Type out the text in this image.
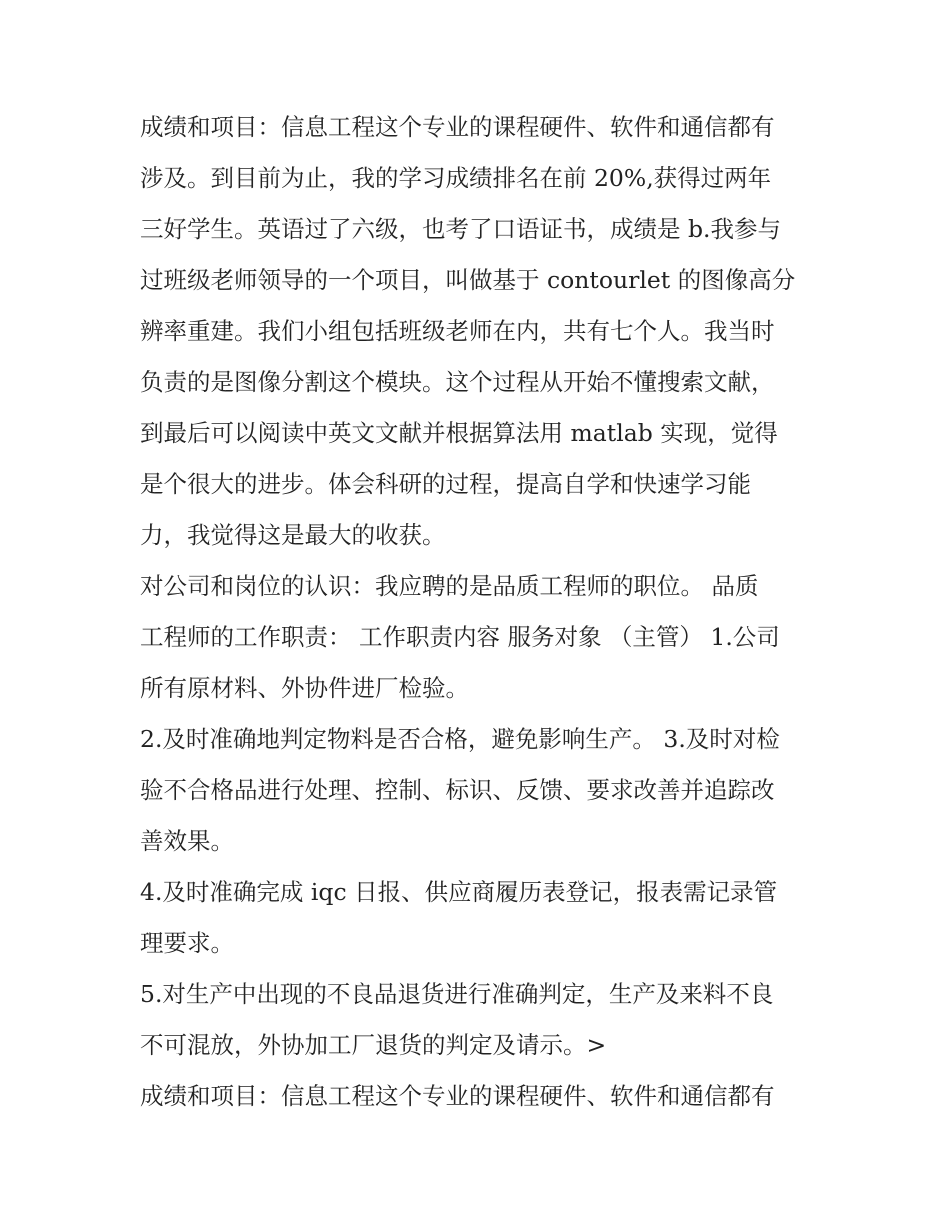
成绩和项目：信息工程这个专业的课程硬件、软件和通信都有
涉及。到目前为止，我的学习成绩排名在前 20%,获得过两年
三好学生。英语过了六级，也考了口语证书，成绩是 b.我参与
过班级老师领导的一个项目，叫做基于 contourlet 的图像高分
辨率重建。我们小组包括班级老师在内，共有七个人。我当时
负责的是图像分割这个模块。这个过程从开始不懂搜索文献，
到最后可以阅读中英文文献并根据算法用 matlab 实现，觉得
是个很大的进步。体会科研的过程，提高自学和快速学习能
力，我觉得这是最大的收获。
对公司和岗位的认识：我应聘的是品质工程师的职位。 品质
工程师的工作职责： 工作职责内容 服务对象 （主管） 1.公司
所有原材料、外协件进厂检验。
2.及时准确地判定物料是否合格，避免影响生产。 3.及时对检
验不合格品进行处理、控制、标识、反馈、要求改善并追踪改
善效果。
4.及时准确完成 iqc 日报、供应商履历表登记，报表需记录管
理要求。
5.对生产中出现的不良品退货进行准确判定，生产及来料不良
不可混放，外协加工厂退货的判定及请示。>
成绩和项目：信息工程这个专业的课程硬件、软件和通信都有
